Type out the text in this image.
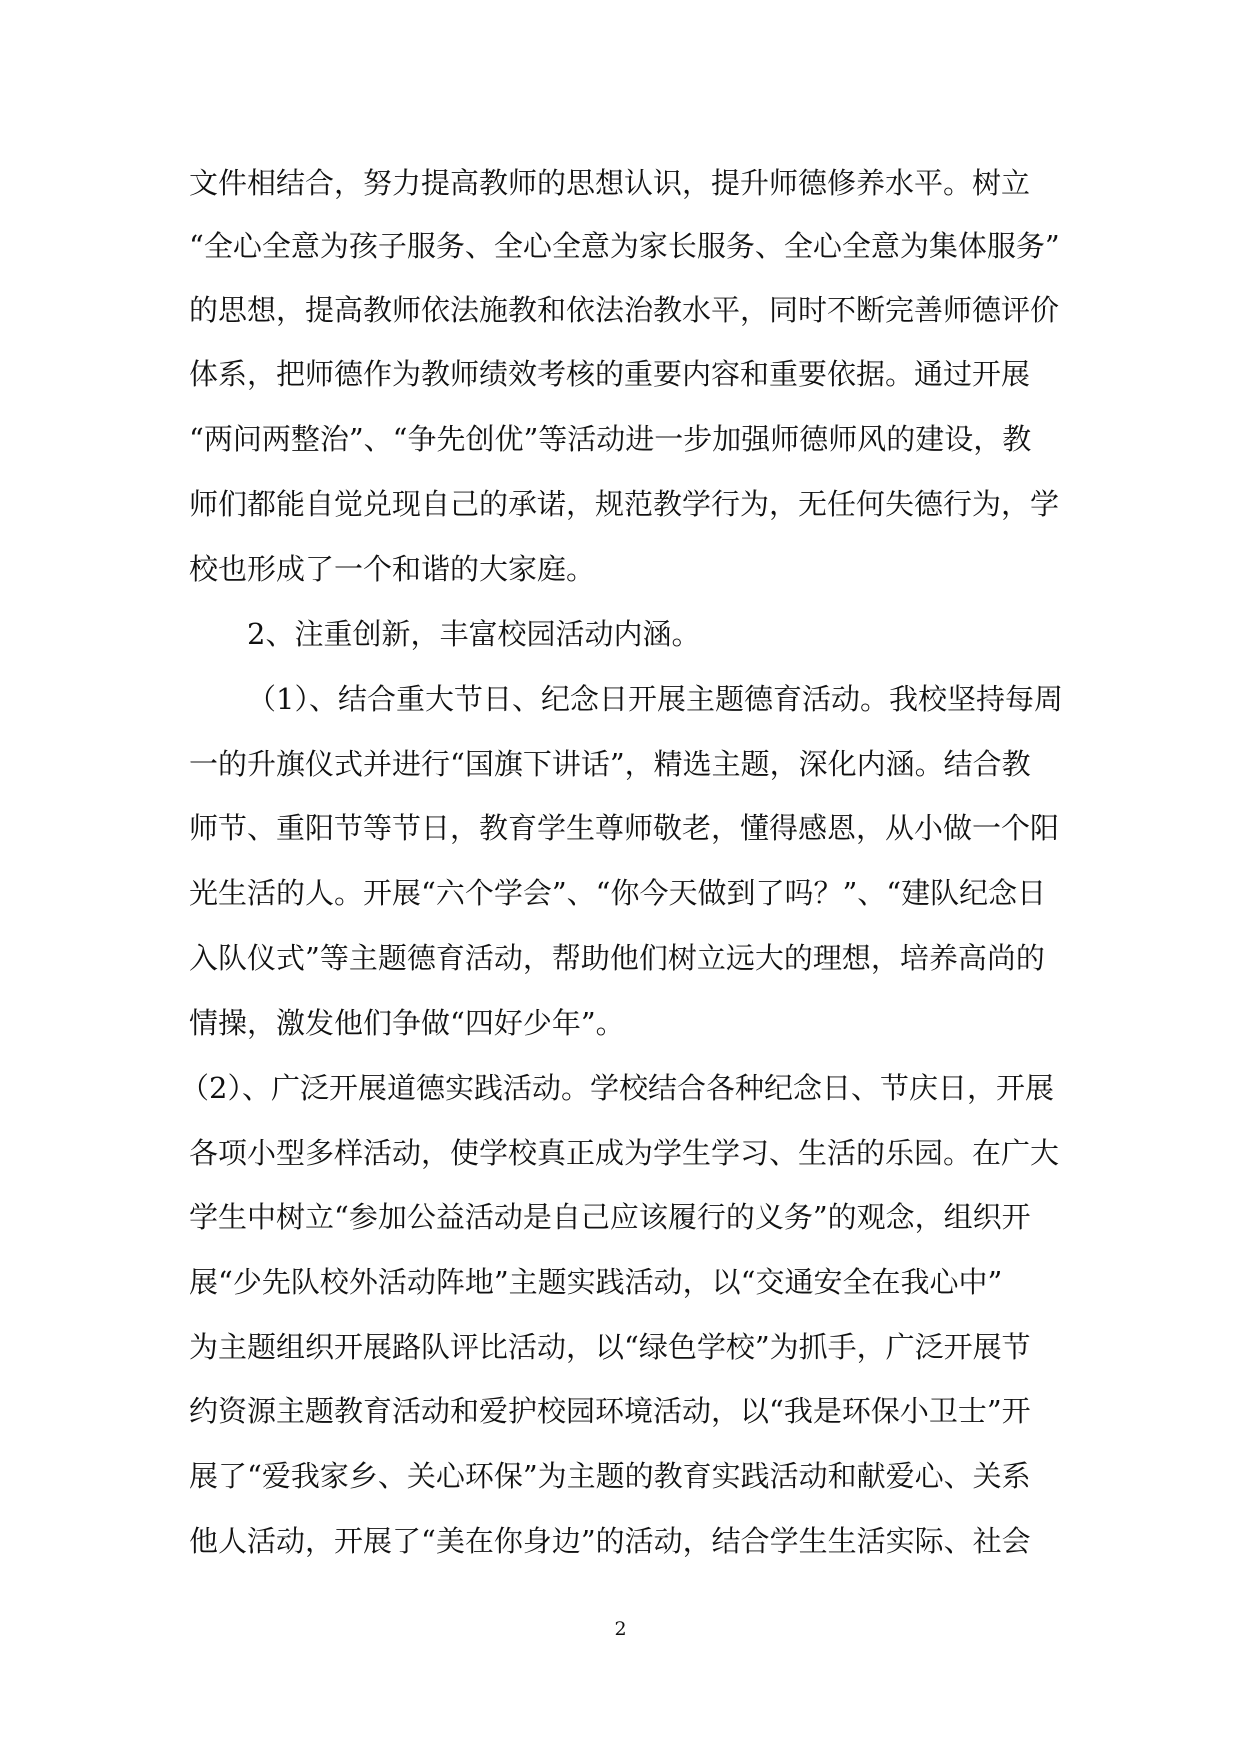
文件相结合，努力提高教师的思想认识，提升师德修养水平。树立
“全心全意为孩子服务、全心全意为家长服务、全心全意为集体服务”
的思想，提高教师依法施教和依法治教水平，同时不断完善师德评价
体系，把师德作为教师绩效考核的重要内容和重要依据。通过开展
“两问两整治”、“争先创优”等活动进一步加强师德师风的建设，教
师们都能自觉兑现自己的承诺，规范教学行为，无任何失德行为，学
校也形成了一个和谐的大家庭。
2、注重创新，丰富校园活动内涵。
（1）、结合重大节日、纪念日开展主题德育活动。我校坚持每周
一的升旗仪式并进行“国旗下讲话”，精选主题，深化内涵。结合教
师节、重阳节等节日，教育学生尊师敬老，懂得感恩，从小做一个阳
光生活的人。开展“六个学会”、“你今天做到了吗？”、“建队纪念日
入队仪式”等主题德育活动，帮助他们树立远大的理想，培养高尚的
情操，激发他们争做“四好少年”。
（2）、广泛开展道德实践活动。学校结合各种纪念日、节庆日，开展
各项小型多样活动，使学校真正成为学生学习、生活的乐园。在广大
学生中树立“参加公益活动是自己应该履行的义务”的观念，组织开
展“少先队校外活动阵地”主题实践活动，以“交通安全在我心中”
为主题组织开展路队评比活动，以“绿色学校”为抓手，广泛开展节
约资源主题教育活动和爱护校园环境活动，以“我是环保小卫士”开
展了“爱我家乡、关心环保”为主题的教育实践活动和献爱心、关系
他人活动，开展了“美在你身边”的活动，结合学生生活实际、社会
2
